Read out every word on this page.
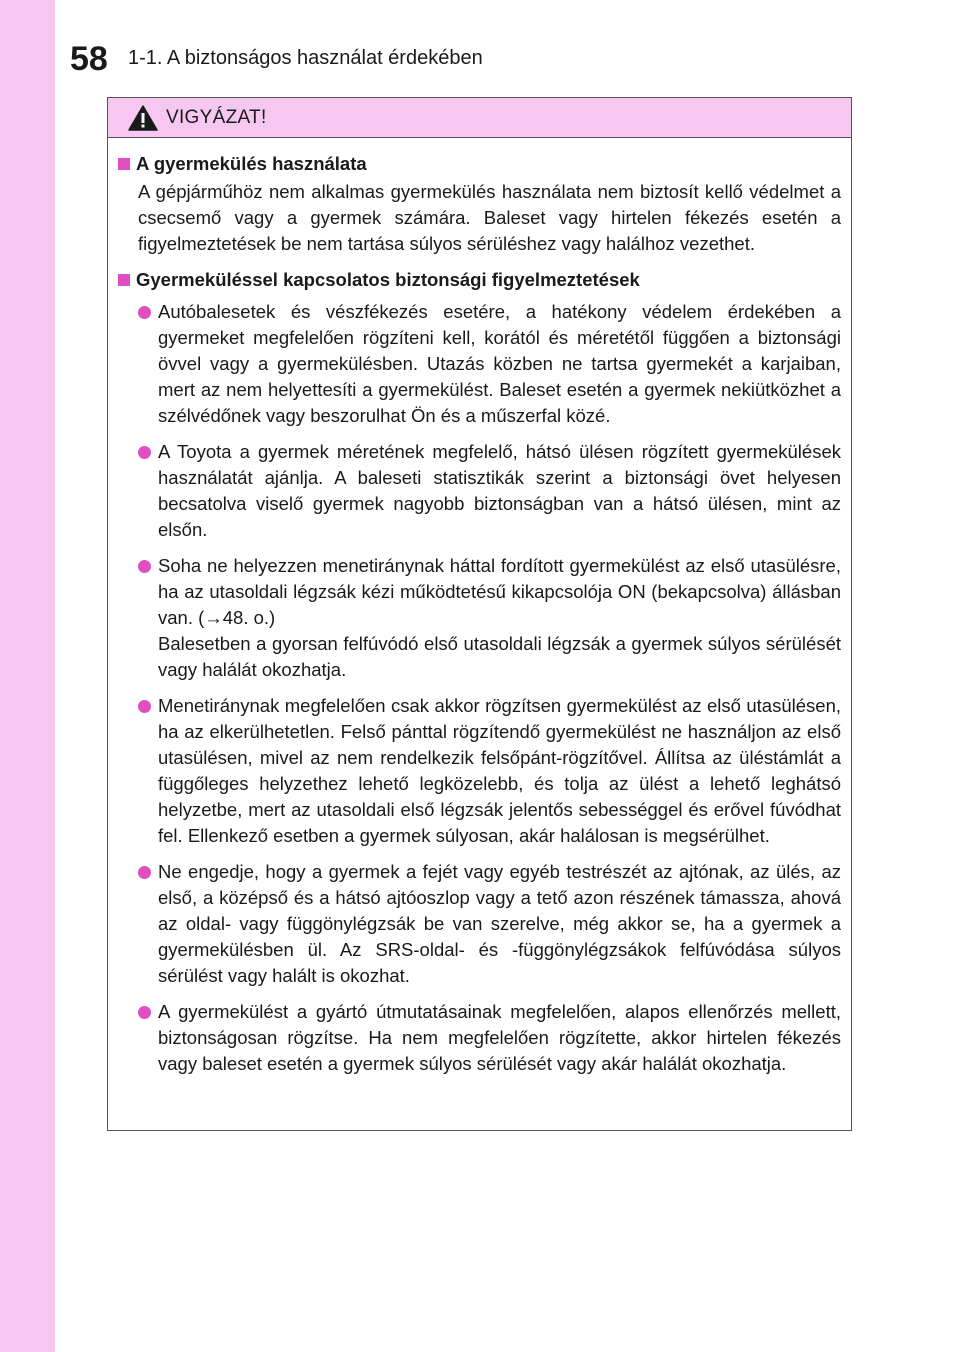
58 1-1. A biztonságos használat érdekében
VIGYÁZAT!
A gyermekülés használata

A gépjárműhöz nem alkalmas gyermekülés használata nem biztosít kellő védelmet a csecsemő vagy a gyermek számára. Baleset vagy hirtelen fékezés esetén a figyelmeztetések be nem tartása súlyos sérüléshez vagy halálhoz vezethet.

Gyermeküléssel kapcsolatos biztonsági figyelmeztetések

Autóbalesetek és vészfékezés esetére, a hatékony védelem érdekében a gyermeket megfelelően rögzíteni kell, korától és méretétől függően a biztonsági övvel vagy a gyermekülésben. Utazás közben ne tartsa gyermekét a karjaiban, mert az nem helyettesíti a gyermekülést. Baleset esetén a gyermek nekiütközhet a szélvédőnek vagy beszorulhat Ön és a műszerfal közé.

A Toyota a gyermek méretének megfelelő, hátsó ülésen rögzített gyermekülések használatát ajánlja. A baleseti statisztikák szerint a biztonsági övet helyesen becsatolva viselő gyermek nagyobb biztonságban van a hátsó ülésen, mint az elsőn.

Soha ne helyezzen menetiránynak háttal fordított gyermekülést az első utasülésre, ha az utasoldali légzsák kézi működtetésű kikapcsolója ON (bekapcsolva) állásban van. (→48. o.)

Balesetben a gyorsan felfúvódó első utasoldali légzsák a gyermek súlyos sérülését vagy halálát okozhatja.

Menetiránynak megfelelően csak akkor rögzítsen gyermekülést az első utasülésen, ha az elkerülhetetlen. Felső pánttal rögzítendő gyermekülést ne használjon az első utasülésen, mivel az nem rendelkezik felsőpánt-rögzítővel. Állítsa az üléstámlát a függőleges helyzethez lehető legközelebb, és tolja az ülést a lehető leghátsó helyzetbe, mert az utasoldali első légzsák jelentős sebességgel és erővel fúvódhat fel. Ellenkező esetben a gyermek súlyosan, akár halálosan is megsérülhet.

Ne engedje, hogy a gyermek a fejét vagy egyéb testrészét az ajtónak, az ülés, az első, a középső és a hátsó ajtóoszlop vagy a tető azon részének támassza, ahová az oldal- vagy függönylégzsák be van szerelve, még akkor se, ha a gyermek a gyermekülésben ül. Az SRS-oldal- és -függönylégzsákok felfúvódása súlyos sérülést vagy halált is okozhat.

A gyermekülést a gyártó útmutatásainak megfelelően, alapos ellenőrzés mellett, biztonságosan rögzítse. Ha nem megfelelően rögzítette, akkor hirtelen fékezés vagy baleset esetén a gyermek súlyos sérülését vagy akár halálát okozhatja.
